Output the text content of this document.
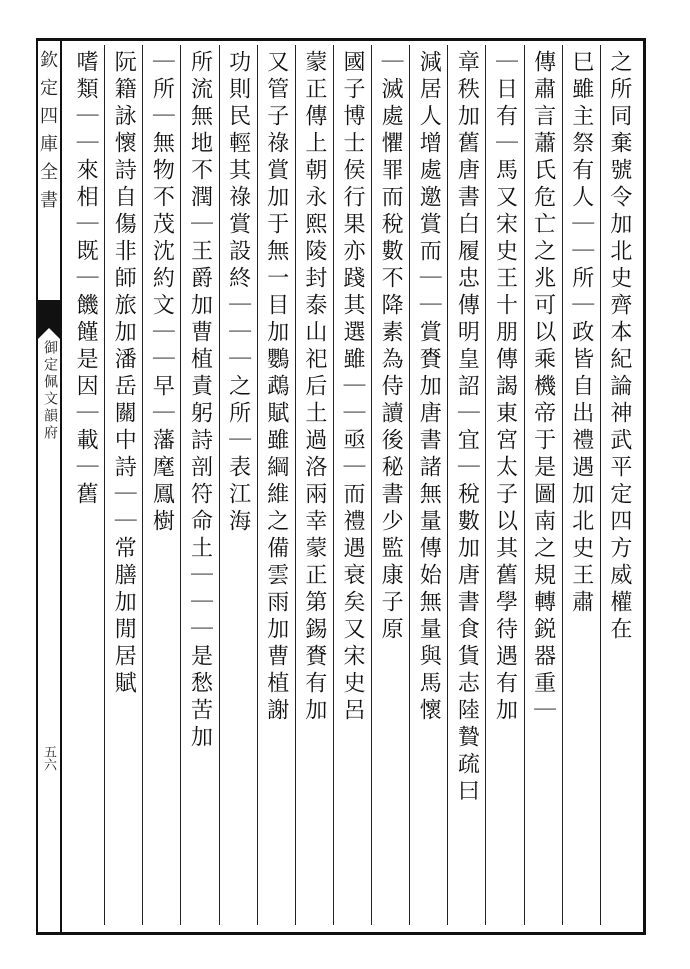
欽定四庫全書
御定佩文韻府
五六
之所同棄號令加北史齊本紀論神武平定四方威權在
巳雖主祭有人｜｜所｜政皆自出禮遇加北史王肅
傳肅言蕭氏危亡之兆可以乘機帝于是圖南之規轉鋭器重｜
｜日有｜馬又宋史王十朋傳謁東宮太子以其舊學待遇有加
章秩加舊唐書白履忠傳明皇詔｜宜｜稅數加唐書食貨志陸贄疏曰
減居人增處邀賞而｜｜賞賚加唐書諸無量傳始無量與馬懷
｜滅處懼罪而稅數不降素為侍讀後秘書少監康子原
國子博士侯行果亦踐其選雖｜｜亟｜而禮遇衰矣又宋史呂
蒙正傳上朝永熙陵封泰山祀后土過洛兩幸蒙正第錫賚有加
又管子祿賞加于無一目加鸚鵡賦雖綱維之備雲雨加曹植謝
功則民輕其祿賞設終｜｜｜之所｜表江海
所流無地不潤｜王爵加曹植責躬詩剖符命土｜｜｜是愁苦加
｜所｜無物不茂沈約文｜｜早｜藩麾鳳樹
阮籍詠懷詩自傷非師旅加潘岳關中詩｜｜常膳加閒居賦
嗜類｜｜來相｜既｜饑饉是因｜載｜舊
